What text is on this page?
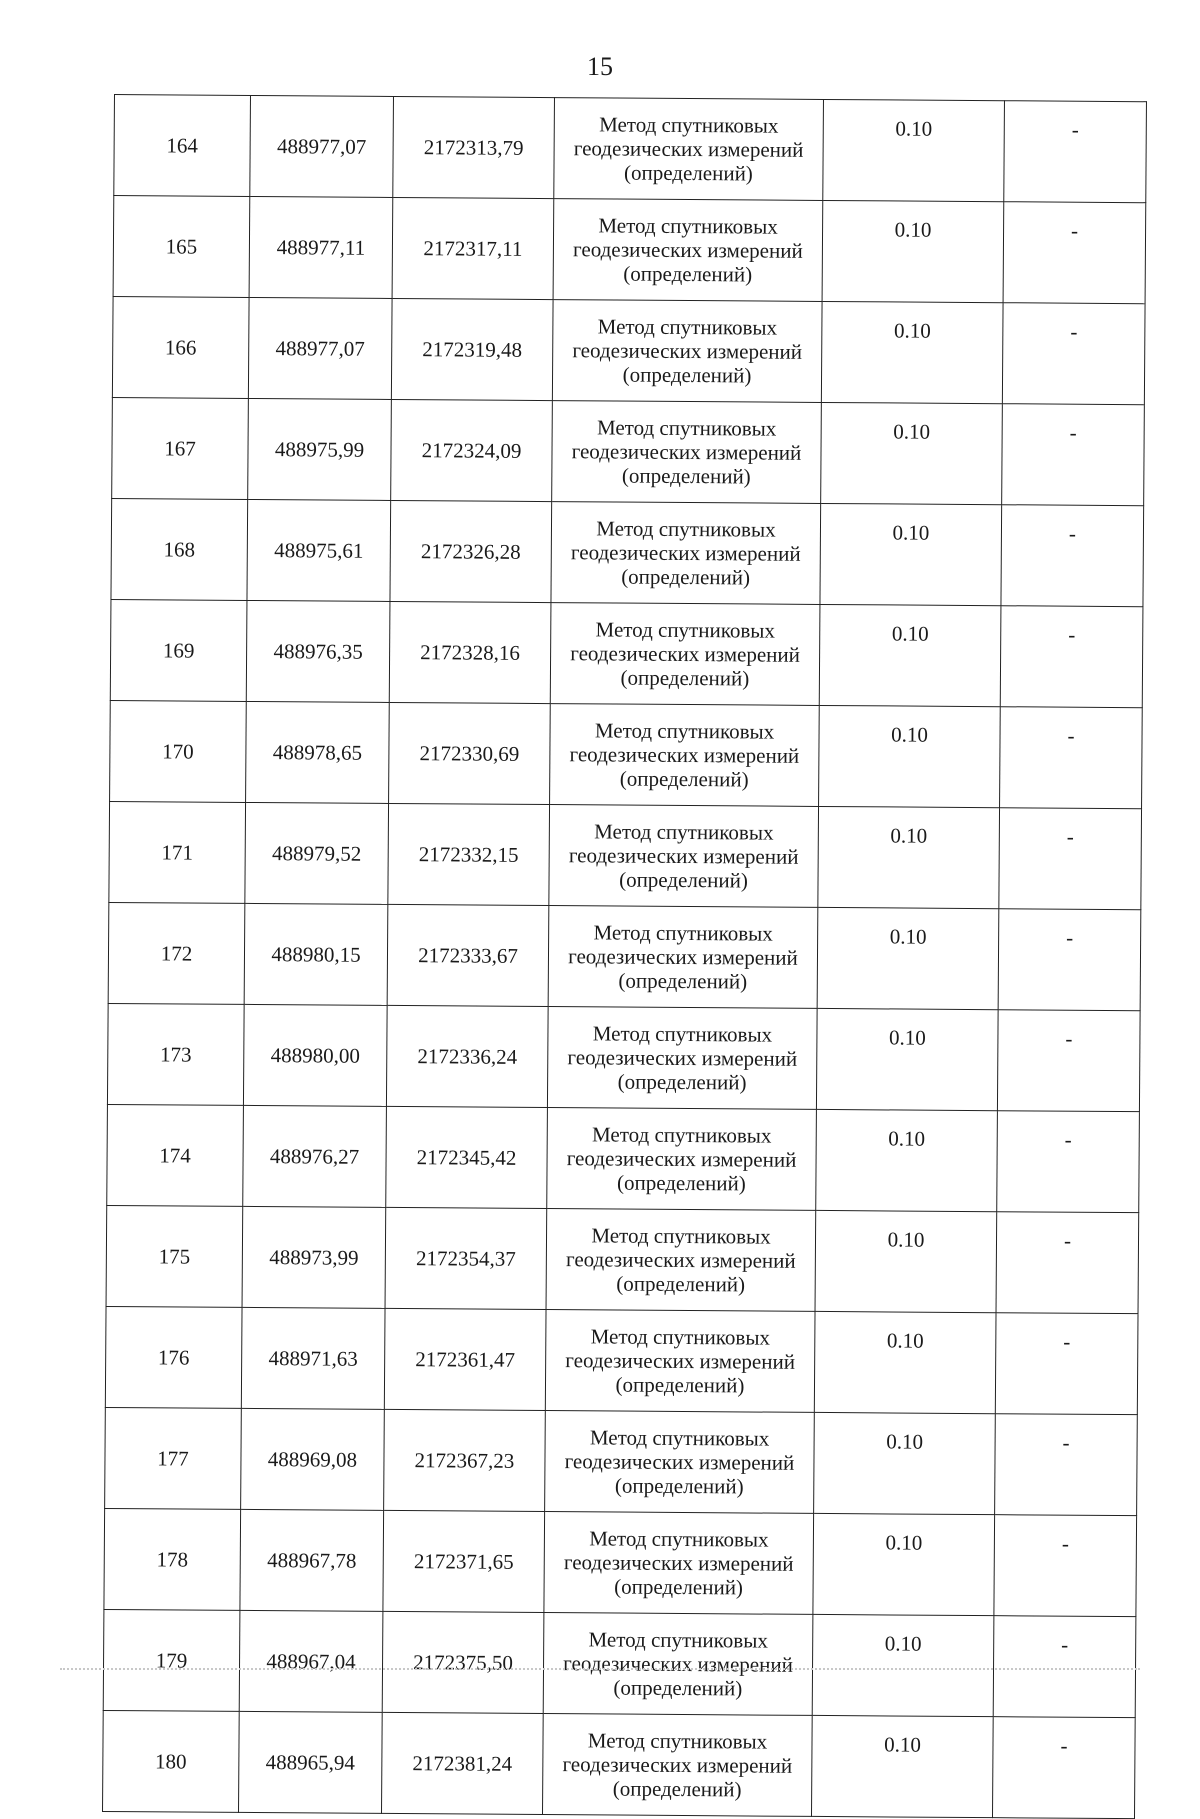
15
164	488977,07	2172313,79	Метод спутниковых геодезических измерений (определений)	0.10	-
165	488977,11	2172317,11	Метод спутниковых геодезических измерений (определений)	0.10	-
166	488977,07	2172319,48	Метод спутниковых геодезических измерений (определений)	0.10	-
167	488975,99	2172324,09	Метод спутниковых геодезических измерений (определений)	0.10	-
168	488975,61	2172326,28	Метод спутниковых геодезических измерений (определений)	0.10	-
169	488976,35	2172328,16	Метод спутниковых геодезических измерений (определений)	0.10	-
170	488978,65	2172330,69	Метод спутниковых геодезических измерений (определений)	0.10	-
171	488979,52	2172332,15	Метод спутниковых геодезических измерений (определений)	0.10	-
172	488980,15	2172333,67	Метод спутниковых геодезических измерений (определений)	0.10	-
173	488980,00	2172336,24	Метод спутниковых геодезических измерений (определений)	0.10	-
174	488976,27	2172345,42	Метод спутниковых геодезических измерений (определений)	0.10	-
175	488973,99	2172354,37	Метод спутниковых геодезических измерений (определений)	0.10	-
176	488971,63	2172361,47	Метод спутниковых геодезических измерений (определений)	0.10	-
177	488969,08	2172367,23	Метод спутниковых геодезических измерений (определений)	0.10	-
178	488967,78	2172371,65	Метод спутниковых геодезических измерений (определений)	0.10	-
179	488967,04	2172375,50	Метод спутниковых геодезических измерений (определений)	0.10	-
180	488965,94	2172381,24	Метод спутниковых геодезических измерений (определений)	0.10	-
